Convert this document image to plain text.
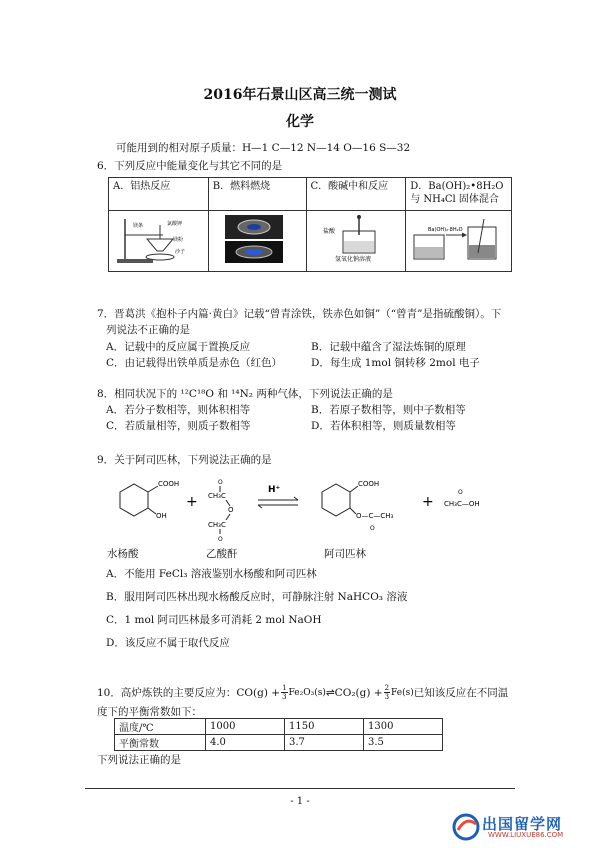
2016年石景山区高三统一测试
化学
可能用到的相对原子质量：H—1 C—12 N—14 O—16 S—32
6．下列反应中能量变化与其它不同的是
A．铝热反应	B．燃料燃烧	C．酸碱中和反应	D．Ba(OH)₂•8H₂O与 NH₄Cl 固体混合

镁条 氯酸钾
镁粉
沙子		盐酸
氢氧化钠溶液	Ba(OH)₂·8H₂O
7．晋葛洪《抱朴子内篇·黄白》记载“曾青涂铁，铁赤色如铜”（“曾青”是指硫酸铜）。下
列说法不正确的是
A．记载中的反应属于置换反应	B．记载中蕴含了湿法炼铜的原理
C．由记载得出铁单质是赤色（红色）	D．每生成 1mol 铜转移 2mol 电子
8．相同状况下的 ¹²C¹⁸O 和 ¹⁴N₂ 两种气体，下列说法正确的是
A．若分子数相等，则体积相等	B．若原子数相等，则中子数相等
C．若质量相等，则质子数相等	D．若体积相等，则质量数相等
9．关于阿司匹林，下列说法正确的是
COOH
OH
+
O
CH₃C
O
CH₃C
O
H⁺
COOH
O—C—CH₃
O
+
O
CH₃C—OH
水杨酸	乙酸酐	阿司匹林
A．不能用 FeCl₃ 溶液鉴别水杨酸和阿司匹林
B．服用阿司匹林出现水杨酸反应时，可静脉注射 NaHCO₃ 溶液
C．1 mol 阿司匹林最多可消耗 2 mol NaOH
D．该反应不属于取代反应
10．高炉炼铁的主要反应为：$CO(g) + \frac{1}{3} Fe_2O_3(s)$ ⇌ $CO_2(g) + \frac{2}{3} Fe(s)$ 已知该反应在不同温
度下的平衡常数如下：
温度/℃	1000	1150	1300
平衡常数	4.0	3.7	3.5
下列说法正确的是
- 1 -
出国留学网
WWW.LIUXUE86.COM
